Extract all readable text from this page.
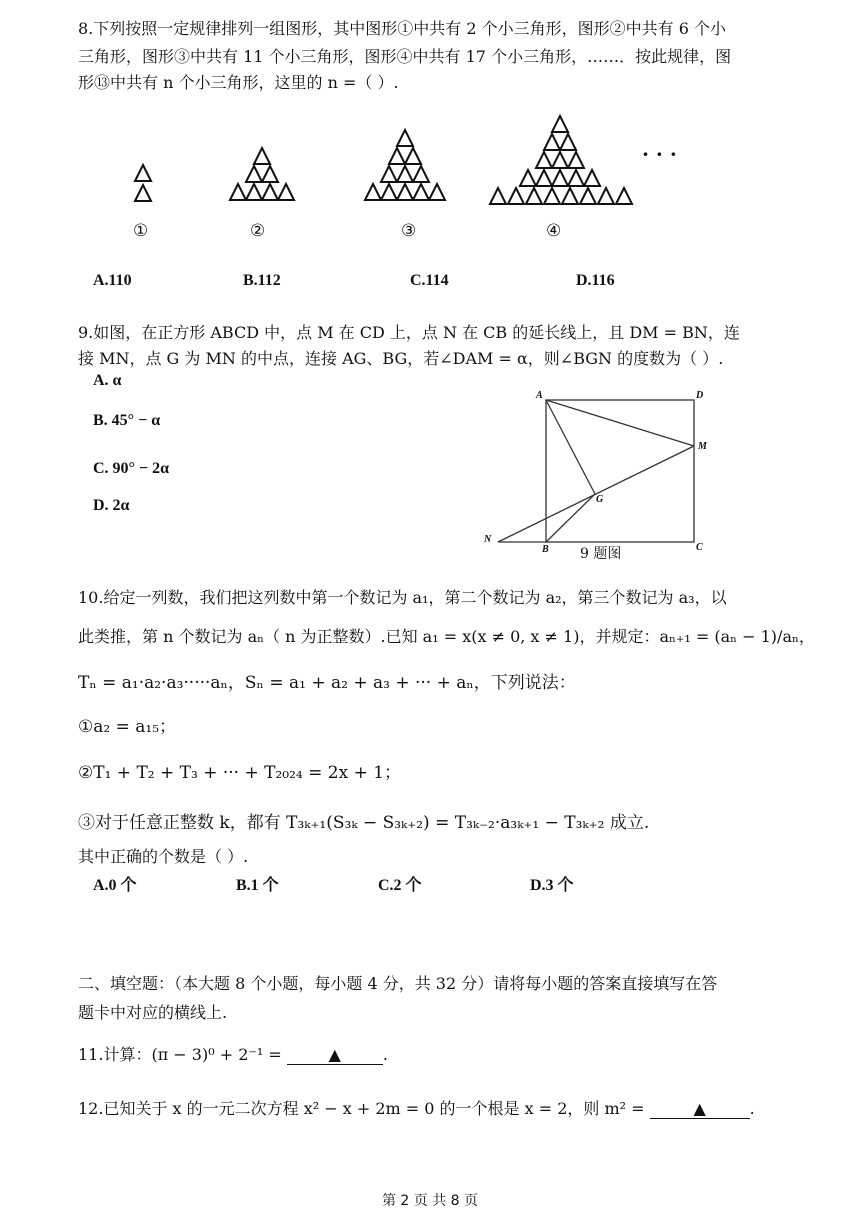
8.下列按照一定规律排列一组图形，其中图形①中共有 2 个小三角形，图形②中共有 6 个小
三角形，图形③中共有 11 个小三角形，图形④中共有 17 个小三角形，……．按此规律，图
形⑬中共有 n 个小三角形，这里的 n =（ ）.
· · ·
①	②	③	④
A.110	B.112	C.114	D.116
9.如图，在正方形 ABCD 中，点 M 在 CD 上，点 N 在 CB 的延长线上，且 DM = BN，连
接 MN，点 G 为 MN 的中点，连接 AG、BG，若∠DAM = α，则∠BGN 的度数为（ ）.
A. α
B. 45° − α
C. 90° − 2α
D. 2α
A	D
M
G
N
B	C
9 题图
10.给定一列数，我们把这列数中第一个数记为 a₁，第二个数记为 a₂，第三个数记为 a₃，以
此类推，第 n 个数记为 aₙ（ n 为正整数）.已知 a₁ = x(x ≠ 0, x ≠ 1)，并规定：aₙ₊₁ = (aₙ − 1)/aₙ，
Tₙ = a₁·a₂·a₃·····aₙ，Sₙ = a₁ + a₂ + a₃ + ··· + aₙ，下列说法：
①a₂ = a₁₅；
②T₁ + T₂ + T₃ + ··· + T₂₀₂₄ = 2x + 1；
③对于任意正整数 k，都有 T₃ₖ₊₁(S₃ₖ − S₃ₖ₊₂) = T₃ₖ₋₂·a₃ₖ₊₁ − T₃ₖ₊₂ 成立.
其中正确的个数是（ ）.
A.0 个	B.1 个	C.2 个	D.3 个
二、填空题：（本大题 8 个小题，每小题 4 分，共 32 分）请将每小题的答案直接填写在答
题卡中对应的横线上.
11.计算：(π − 3)⁰ + 2⁻¹ =	▲	.
12.已知关于 x 的一元二次方程 x² − x + 2m = 0 的一个根是 x = 2，则 m² =	▲	.
第 2 页 共 8 页
